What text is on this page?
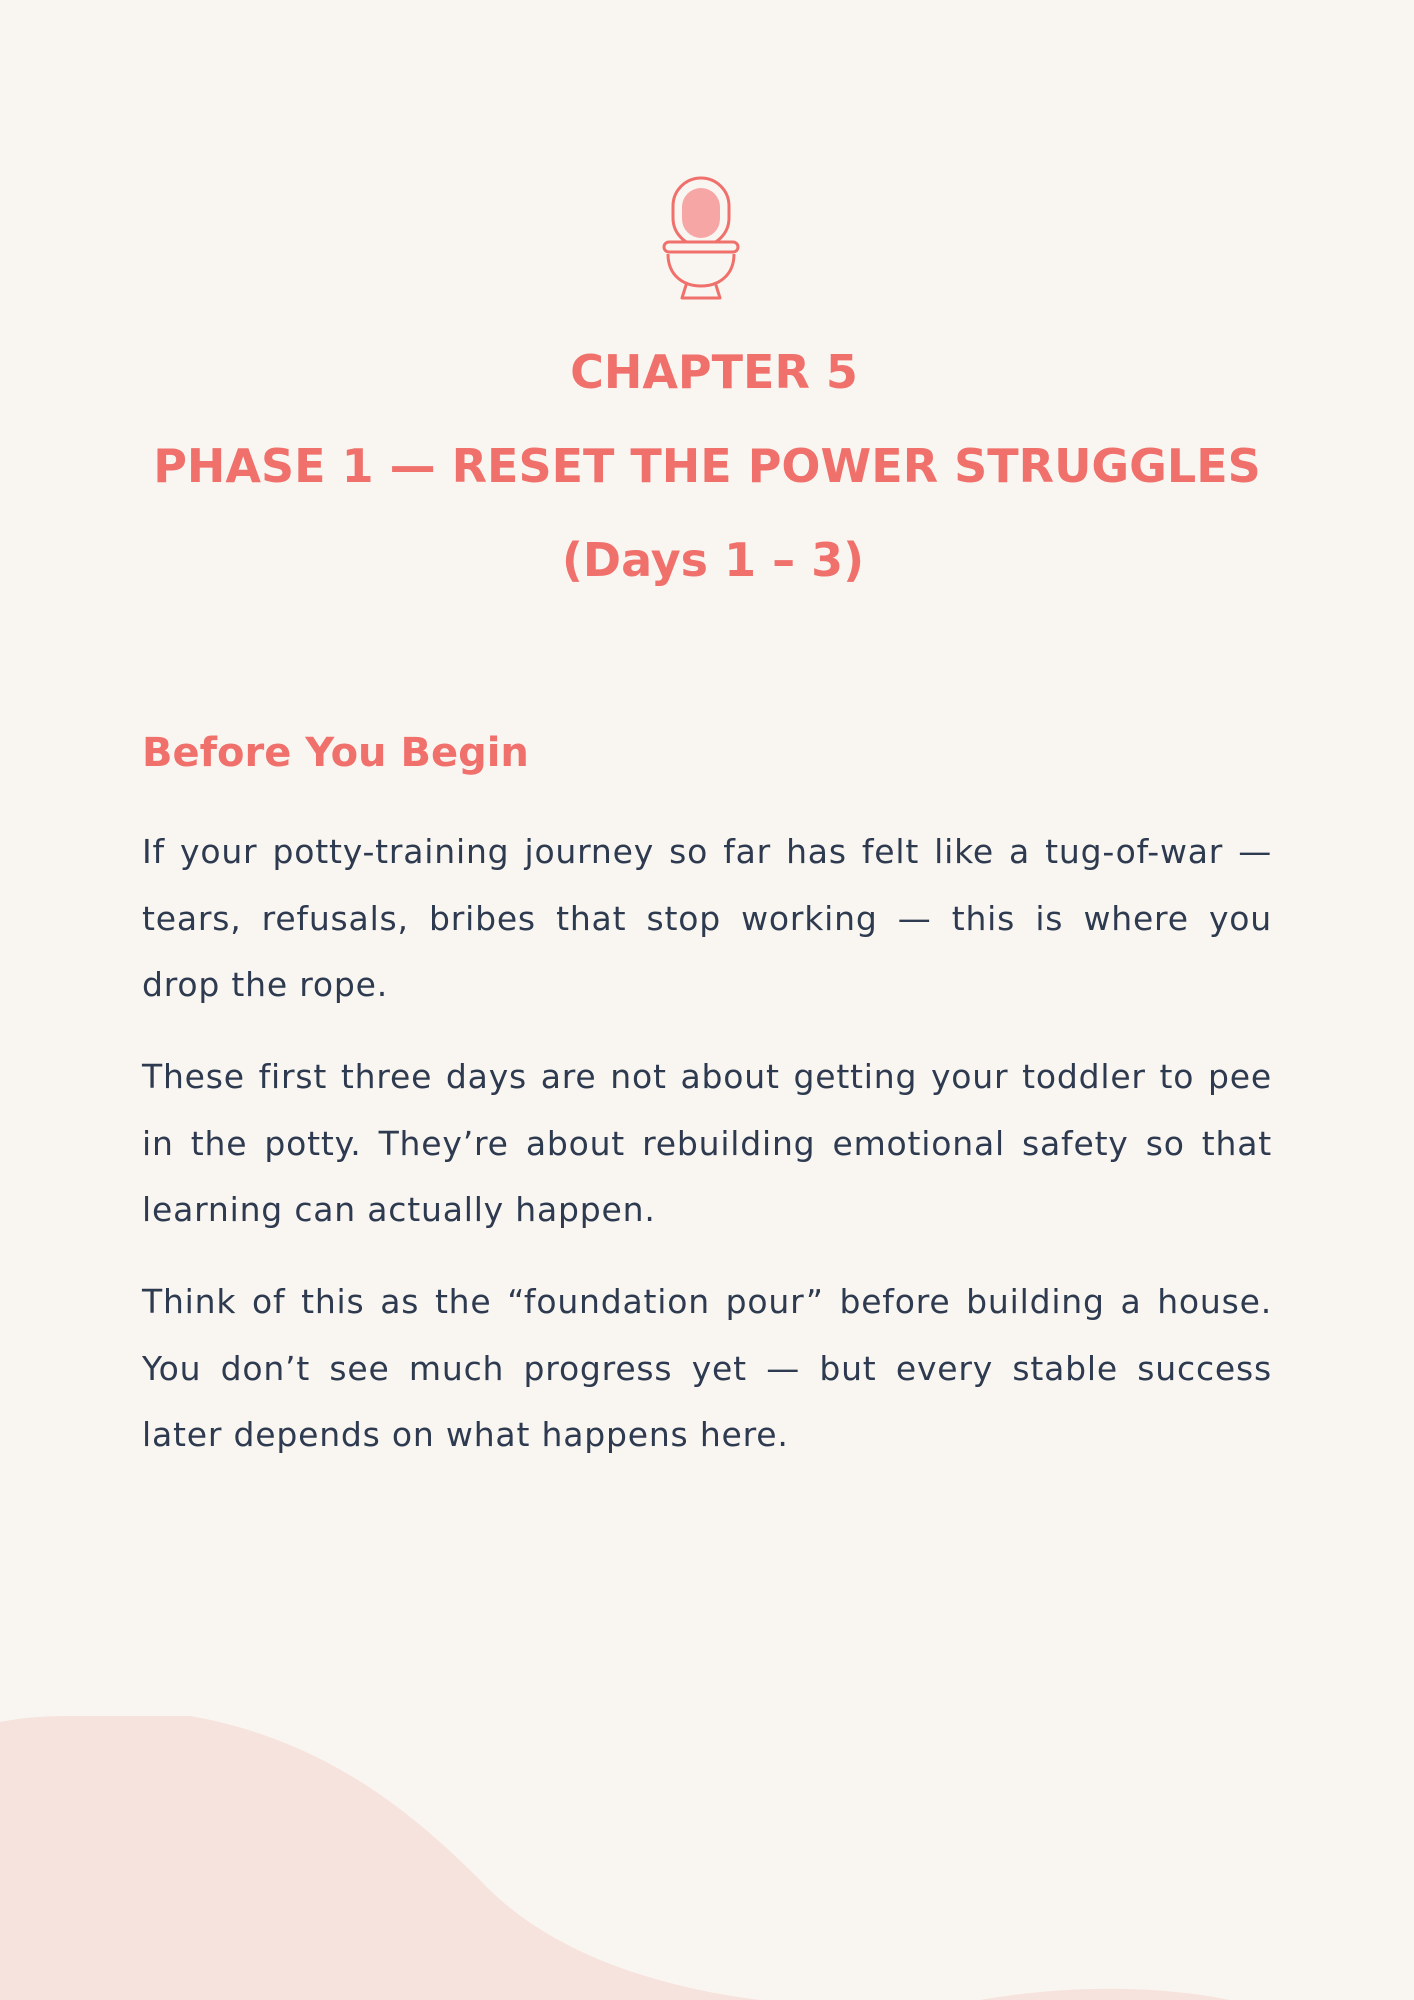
CHAPTER 5
PHASE 1 — RESET THE POWER STRUGGLES
(Days 1 – 3)
Before You Begin

If your potty-training journey so far has felt like a tug-of-war — tears, refusals, bribes that stop working — this is where you drop the rope.

These first three days are not about getting your toddler to pee in the potty. They’re about rebuilding emotional safety so that learning can actually happen.

Think of this as the “foundation pour” before building a house. You don’t see much progress yet — but every stable success later depends on what happens here.
